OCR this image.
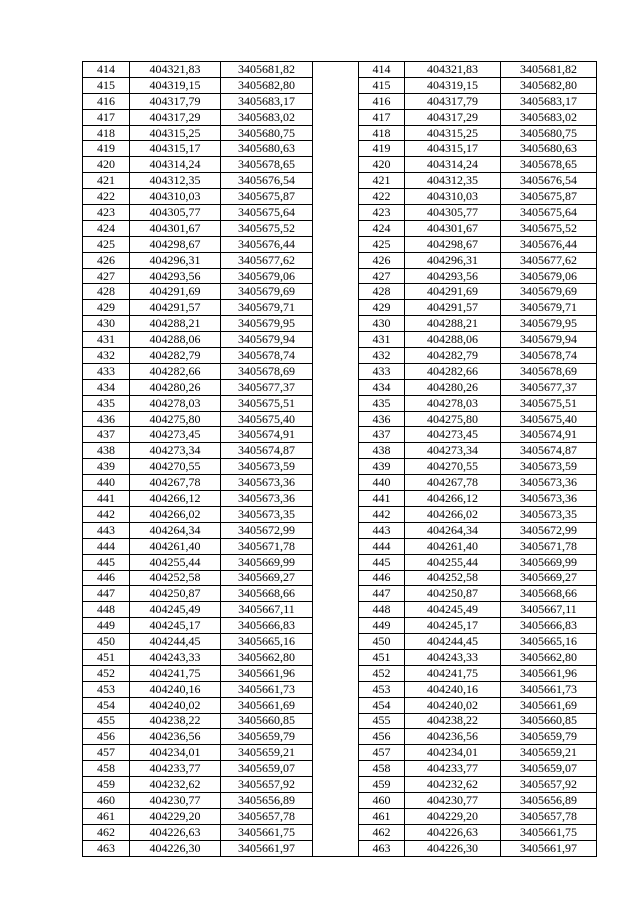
414	404321,83	3405681,82		414	404321,83	3405681,82
415	404319,15	3405682,80		415	404319,15	3405682,80
416	404317,79	3405683,17		416	404317,79	3405683,17
417	404317,29	3405683,02		417	404317,29	3405683,02
418	404315,25	3405680,75		418	404315,25	3405680,75
419	404315,17	3405680,63		419	404315,17	3405680,63
420	404314,24	3405678,65		420	404314,24	3405678,65
421	404312,35	3405676,54		421	404312,35	3405676,54
422	404310,03	3405675,87		422	404310,03	3405675,87
423	404305,77	3405675,64		423	404305,77	3405675,64
424	404301,67	3405675,52		424	404301,67	3405675,52
425	404298,67	3405676,44		425	404298,67	3405676,44
426	404296,31	3405677,62		426	404296,31	3405677,62
427	404293,56	3405679,06		427	404293,56	3405679,06
428	404291,69	3405679,69		428	404291,69	3405679,69
429	404291,57	3405679,71		429	404291,57	3405679,71
430	404288,21	3405679,95		430	404288,21	3405679,95
431	404288,06	3405679,94		431	404288,06	3405679,94
432	404282,79	3405678,74		432	404282,79	3405678,74
433	404282,66	3405678,69		433	404282,66	3405678,69
434	404280,26	3405677,37		434	404280,26	3405677,37
435	404278,03	3405675,51		435	404278,03	3405675,51
436	404275,80	3405675,40		436	404275,80	3405675,40
437	404273,45	3405674,91		437	404273,45	3405674,91
438	404273,34	3405674,87		438	404273,34	3405674,87
439	404270,55	3405673,59		439	404270,55	3405673,59
440	404267,78	3405673,36		440	404267,78	3405673,36
441	404266,12	3405673,36		441	404266,12	3405673,36
442	404266,02	3405673,35		442	404266,02	3405673,35
443	404264,34	3405672,99		443	404264,34	3405672,99
444	404261,40	3405671,78		444	404261,40	3405671,78
445	404255,44	3405669,99		445	404255,44	3405669,99
446	404252,58	3405669,27		446	404252,58	3405669,27
447	404250,87	3405668,66		447	404250,87	3405668,66
448	404245,49	3405667,11		448	404245,49	3405667,11
449	404245,17	3405666,83		449	404245,17	3405666,83
450	404244,45	3405665,16		450	404244,45	3405665,16
451	404243,33	3405662,80		451	404243,33	3405662,80
452	404241,75	3405661,96		452	404241,75	3405661,96
453	404240,16	3405661,73		453	404240,16	3405661,73
454	404240,02	3405661,69		454	404240,02	3405661,69
455	404238,22	3405660,85		455	404238,22	3405660,85
456	404236,56	3405659,79		456	404236,56	3405659,79
457	404234,01	3405659,21		457	404234,01	3405659,21
458	404233,77	3405659,07		458	404233,77	3405659,07
459	404232,62	3405657,92		459	404232,62	3405657,92
460	404230,77	3405656,89		460	404230,77	3405656,89
461	404229,20	3405657,78		461	404229,20	3405657,78
462	404226,63	3405661,75		462	404226,63	3405661,75
463	404226,30	3405661,97		463	404226,30	3405661,97
